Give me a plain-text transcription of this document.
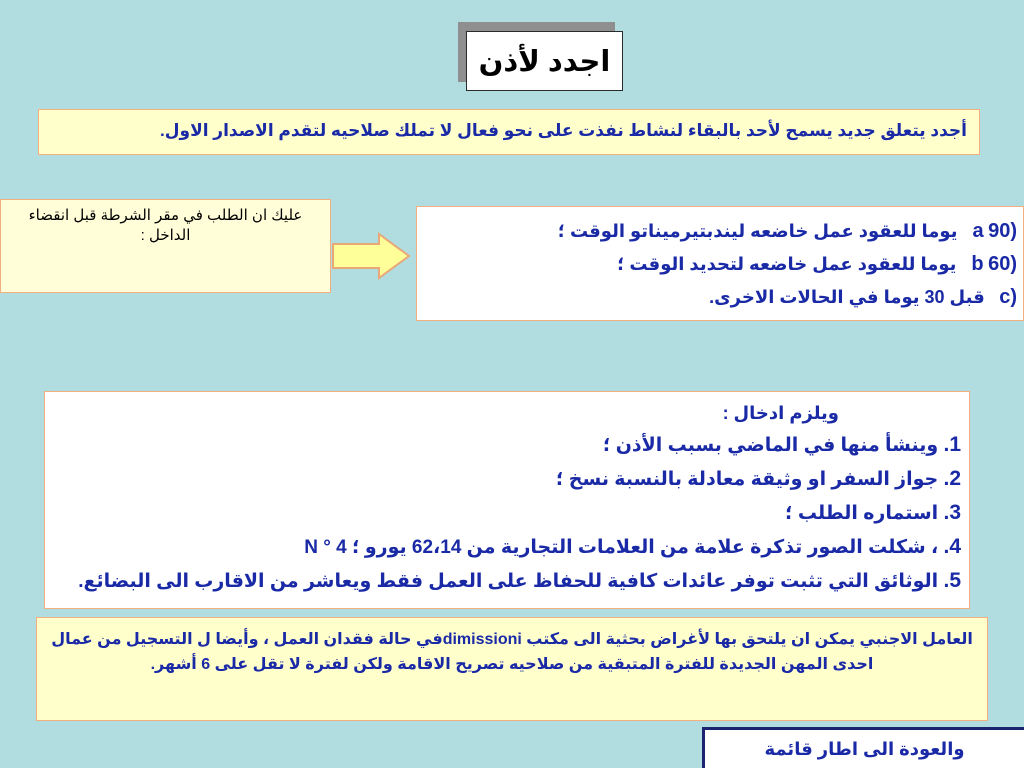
اجدد لأذن
أجدد يتعلق جديد يسمح لأحد بالبقاء لنشاط نفذت على نحو فعال لا تملك صلاحيه لتقدم الاصدار الاول.
عليك ان الطلب في مقر الشرطة قبل انقضاء الداخل :	(a 90 يوما للعقود عمل خاضعه ليندبتيرميناتو الوقت ؛
(b 60 يوما للعقود عمل خاضعه لتحديد الوقت ؛
(c قبل 30 يوما في الحالات الاخرى.
ويلزم ادخال :
1. وينشأ منها في الماضي بسبب الأذن ؛
2. جواز السفر او وثيقة معادلة بالنسبة نسخ ؛
3. استماره الطلب ؛
4. ، شكلت الصور تذكرة علامة من العلامات التجارية من 62،14 يورو ؛ N ° 4
5. الوثائق التي تثبت توفر عائدات كافية للحفاظ على العمل فقط ويعاشر من الاقارب الى البضائع.
العامل الاجنبي يمكن ان يلتحق بها لأغراض بحثية الى مكتب dimissioniفي حالة فقدان العمل ، وأيضا ل التسجيل من عمال احدى المهن الجديدة للفترة المتبقية من صلاحيه تصريح الاقامة ولكن لفترة لا تقل على 6 أشهر.
والعودة الى اطار قائمة
